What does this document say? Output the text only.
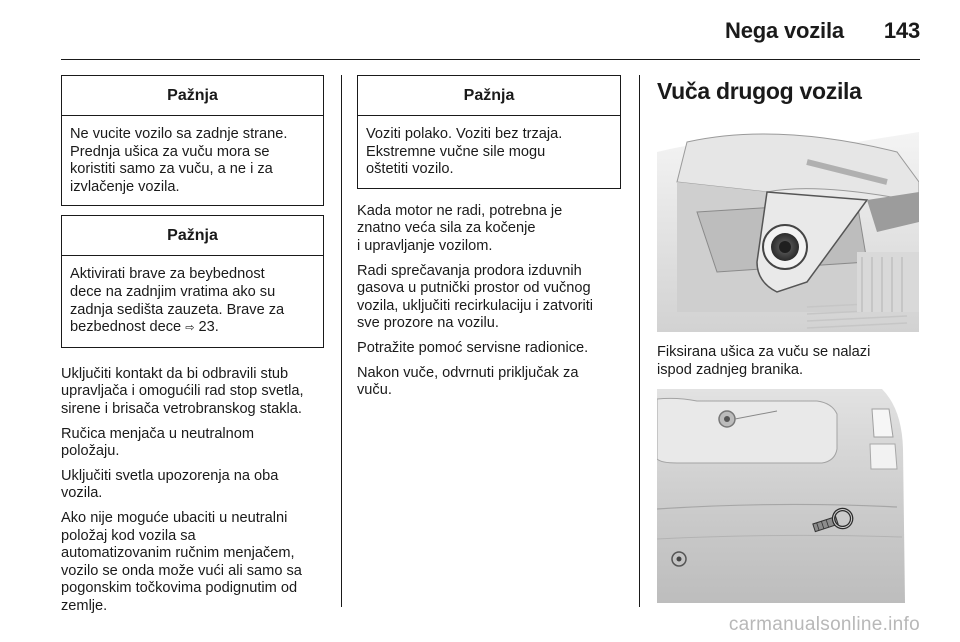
Nega vozila 143
Pažnja
Ne vucite vozilo sa zadnje strane.
Prednja ušica za vuču mora se
koristiti samo za vuču, a ne i za
izvlačenje vozila.
Pažnja
Aktivirati brave za beybednost
dece na zadnjim vratima ako su
zadnja sedišta zauzeta. Brave za
bezbednost dece ⇨ 23.

Uključiti kontakt da bi odbravili stub
upravljača i omogućili rad stop svetla,
sirene i brisača vetrobranskog stakla.

Ručica menjača u neutralnom
položaju.

Uključiti svetla upozorenja na oba
vozila.

Ako nije moguće ubaciti u neutralni
položaj kod vozila sa
automatizovanim ručnim menjačem,
vozilo se onda može vući ali samo sa
pogonskim točkovima podignutim od
zemlje.

Pažnja
Voziti polako. Voziti bez trzaja.
Ekstremne vučne sile mogu
oštetiti vozilo.

Kada motor ne radi, potrebna je
znatno veća sila za kočenje
i upravljanje vozilom.

Radi sprečavanja prodora izduvnih
gasova u putnički prostor od vučnog
vozila, uključiti recirkulaciju i zatvoriti
sve prozore na vozilu.

Potražite pomoć servisne radionice.

Nakon vuče, odvrnuti priključak za
vuču.

Vuča drugog vozila
Fiksirana ušica za vuču se nalazi
ispod zadnjeg branika.
carmanualsonline.info
